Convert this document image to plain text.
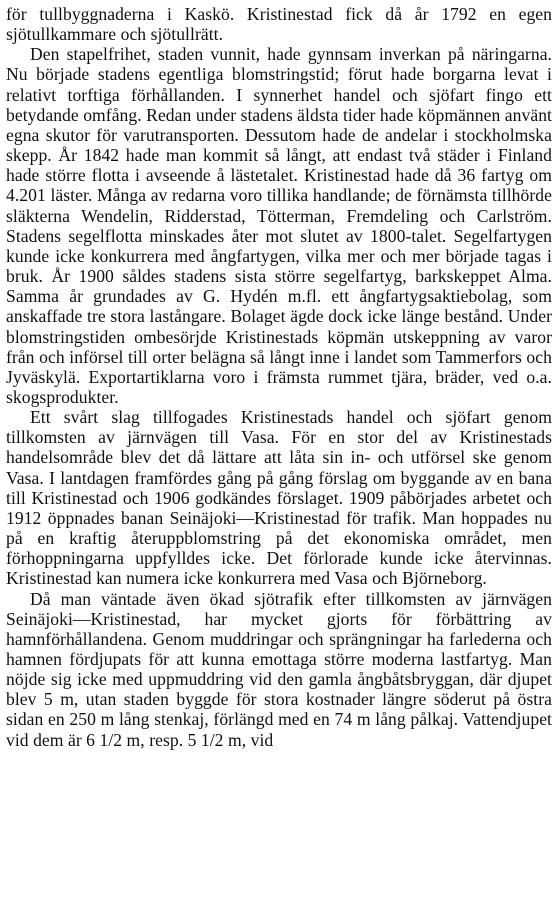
för tullbyggnaderna i Kaskö. Kristinestad fick då år 1792 en egen sjötullkammare och sjötullrätt.

Den stapelfrihet, staden vunnit, hade gynnsam inverkan på näringarna. Nu började stadens egentliga blomstringstid; förut hade borgarna levat i relativt torftiga förhållanden. I synnerhet handel och sjöfart fingo ett betydande omfång. Redan under stadens äldsta tider hade köpmännen använt egna skutor för varutransporten. Dessutom hade de andelar i stockholmska skepp. År 1842 hade man kommit så långt, att endast två städer i Finland hade större flotta i avseende å lästetalet. Kristinestad hade då 36 fartyg om 4.201 läster. Många av redarna voro tillika handlande; de förnämsta tillhörde släkterna Wendelin, Ridderstad, Tötterman, Fremdeling och Carlström. Stadens segelflotta minskades åter mot slutet av 1800-talet. Segelfartygen kunde icke konkurrera med ångfartygen, vilka mer och mer började tagas i bruk. År 1900 såldes stadens sista större segelfartyg, barkskeppet Alma. Samma år grundades av G. Hydén m.fl. ett ångfartygsaktiebolag, som anskaffade tre stora lastångare. Bolaget ägde dock icke länge bestånd. Under blomstringstiden ombesörjde Kristinestads köpmän utskeppning av varor från och införsel till orter belägna så långt inne i landet som Tammerfors och Jyväskylä. Exportartiklarna voro i främsta rummet tjära, bräder, ved o.a. skogsprodukter.

Ett svårt slag tillfogades Kristinestads handel och sjöfart genom tillkomsten av järnvägen till Vasa. För en stor del av Kristinestads handelsområde blev det då lättare att låta sin in- och utförsel ske genom Vasa. I lantdagen framfördes gång på gång förslag om byggande av en bana till Kristinestad och 1906 godkändes förslaget. 1909 påbörjades arbetet och 1912 öppnades banan Seinäjoki—Kristinestad för trafik. Man hoppades nu på en kraftig återuppblomstring på det ekonomiska området, men förhoppningarna uppfylldes icke. Det förlorade kunde icke återvinnas. Kristinestad kan numera icke konkurrera med Vasa och Björneborg.

Då man väntade även ökad sjötrafik efter tillkomsten av järnvägen Seinäjoki—Kristinestad, har mycket gjorts för förbättring av hamnförhållandena. Genom muddringar och sprängningar ha farlederna och hamnen fördjupats för att kunna emottaga större moderna lastfartyg. Man nöjde sig icke med uppmuddring vid den gamla ångbåtsbryggan, där djupet blev 5 m, utan staden byggde för stora kostnader längre söderut på östra sidan en 250 m lång stenkaj, förlängd med en 74 m lång pålkaj. Vattendjupet vid dem är 6 1/2 m, resp. 5 1/2 m, vid
